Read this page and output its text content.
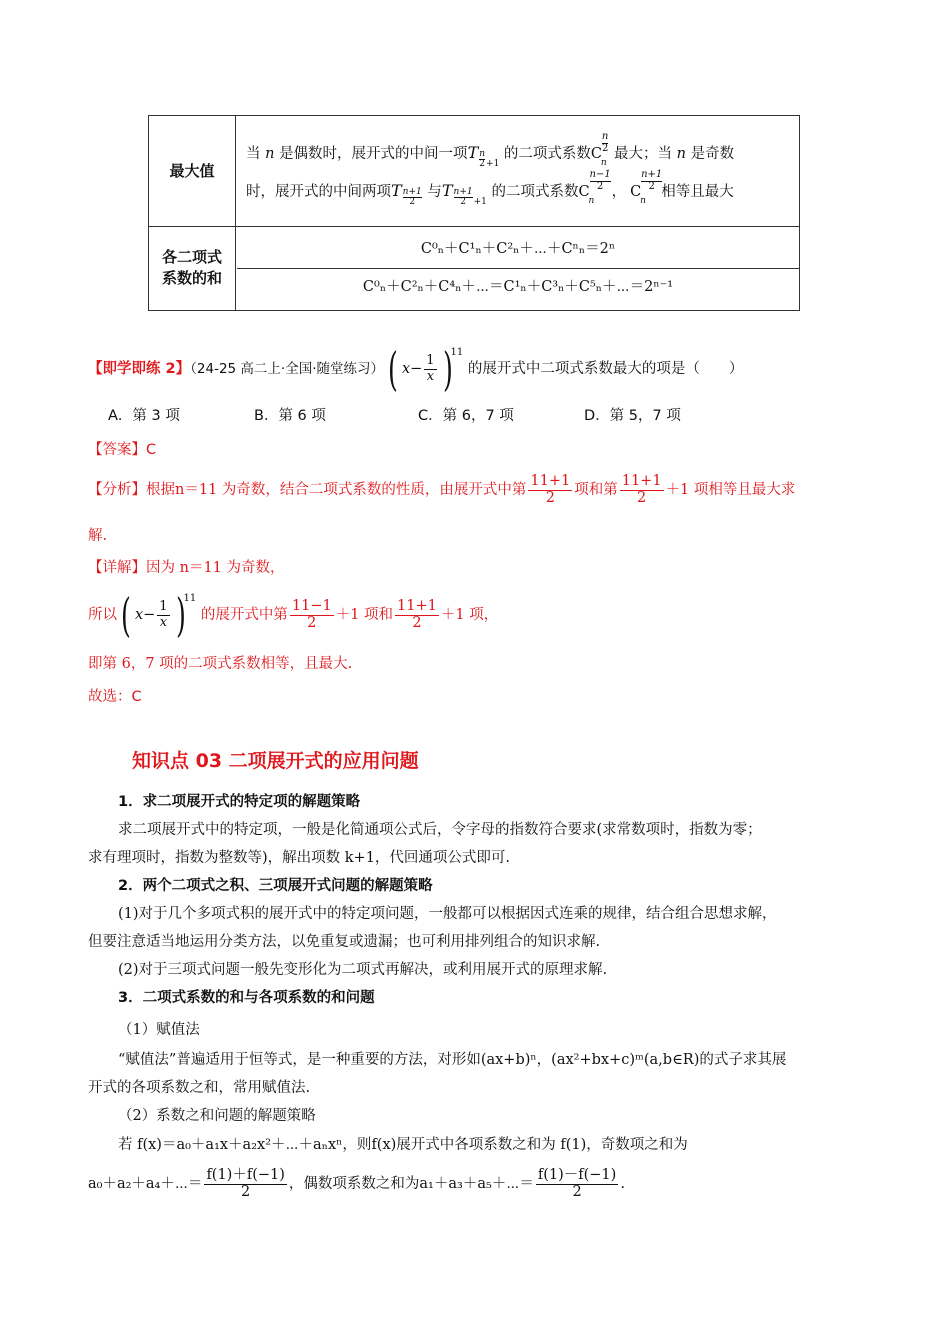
最大值
当 n 是偶数时，展开式的中间一项T $\frac{n}{2} _{+1}$ 的二项式系数C
n
2
n
最大；当 n 是奇数
时，展开式的中间两项T $\frac{n+1}{2}$ 与T $\frac{n+1}{2} _{+1}$ 的二项式系数C
n−1
2
n
， C
n+1
2
n
相等且最大
各二项式
系数的和
C⁰ₙ＋C¹ₙ＋C²ₙ＋⋯＋Cⁿₙ＝2ⁿ
C⁰ₙ＋C²ₙ＋C⁴ₙ＋⋯＝C¹ₙ＋C³ₙ＋C⁵ₙ＋⋯＝2ⁿ⁻¹
【即学即练 2】（24-25 高二上·全国·随堂练习）( $x- \frac{1}{x} )^{11}$ 的展开式中二项式系数最大的项是（　　）
A．第 3 项	B．第 6 项	C．第 6，7 项	D．第 5，7 项
【答案】C
【分析】根据n＝11 为奇数，结合二项式系数的性质，由展开式中第 $\frac{11+1}{2}$ 项和第 $\frac{11+1}{2} +1$ 项相等且最大求
解.
【详解】因为 n＝11 为奇数，
所以( $x- \frac{1}{x} )^{11}$ 的展开式中第 $\frac{11-1}{2} +1$ 项和 $\frac{11+1}{2} +1$ 项，
即第 6，7 项的二项式系数相等，且最大.
故选：C
知识点 03 二项展开式的应用问题
1．求二项展开式的特定项的解题策略
求二项展开式中的特定项，一般是化简通项公式后，令字母的指数符合要求(求常数项时，指数为零；
求有理项时，指数为整数等)，解出项数 k+1，代回通项公式即可.
2．两个二项式之积、三项展开式问题的解题策略
(1)对于几个多项式积的展开式中的特定项问题，一般都可以根据因式连乘的规律，结合组合思想求解，
但要注意适当地运用分类方法，以免重复或遗漏；也可利用排列组合的知识求解.
(2)对于三项式问题一般先变形化为二项式再解决，或利用展开式的原理求解.
3．二项式系数的和与各项系数的和问题
（1）赋值法
“赋值法”普遍适用于恒等式，是一种重要的方法，对形如(ax+b)ⁿ，(ax²+bx+c)ᵐ(a,b∈R)的式子求其展
开式的各项系数之和，常用赋值法.
（2）系数之和问题的解题策略
若 f(x)＝a₀＋a₁x＋a₂x²＋⋯＋aₙxⁿ，则f(x)展开式中各项系数之和为 f(1)，奇数项之和为
a₀＋a₂＋a₄＋⋯＝ $\frac{f(1)+f(-1)}{2}$ ，偶数项系数之和为a₁＋a₃＋a₅＋⋯＝ $\frac{f(1)-f(-1)}{2}$ .
